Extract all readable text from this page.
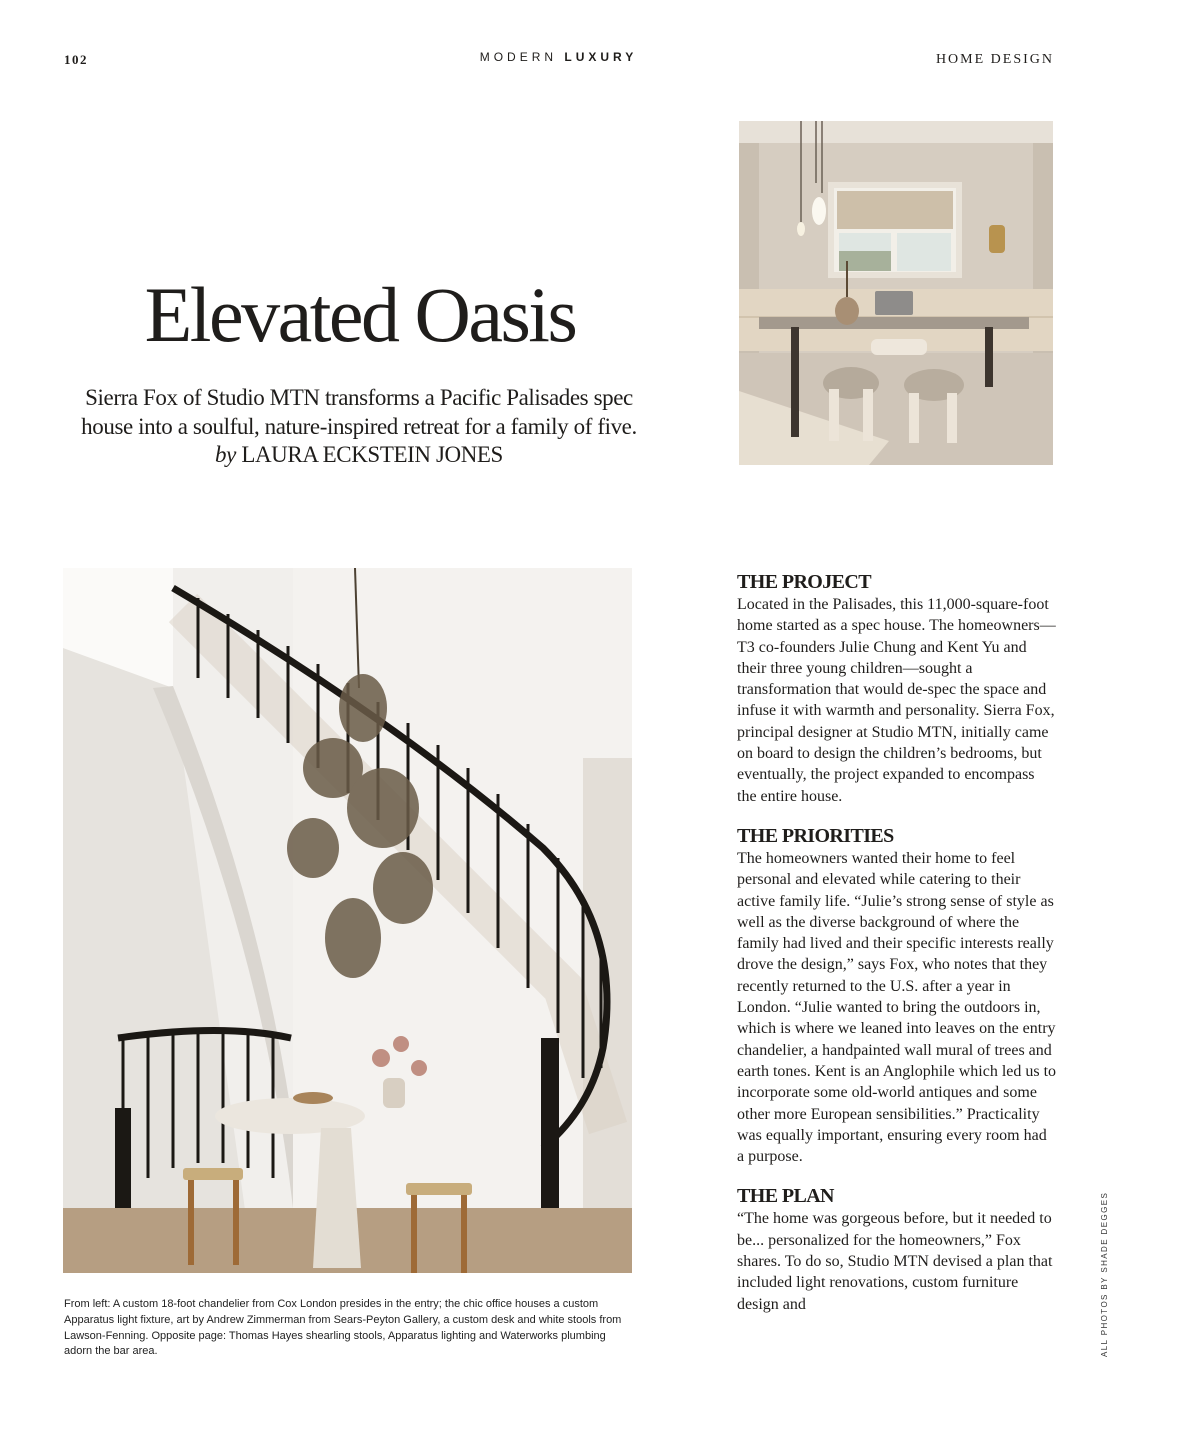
102	MODERN LUXURY	HOME DESIGN
Elevated Oasis
Sierra Fox of Studio MTN transforms a Pacific Palisades spec house into a soulful, nature-inspired retreat for a family of five. by LAURA ECKSTEIN JONES
From left: A custom 18-foot chandelier from Cox London presides in the entry; the chic office houses a custom Apparatus light fixture, art by Andrew Zimmerman from Sears-Peyton Gallery, a custom desk and white stools from Lawson-Fenning. Opposite page: Thomas Hayes shearling stools, Apparatus lighting and Waterworks plumbing adorn the bar area.
THE PROJECT

Located in the Palisades, this 11,000-square-foot home started as a spec house. The homeowners—T3 co-founders Julie Chung and Kent Yu and their three young children—sought a transformation that would de-spec the space and infuse it with warmth and personality. Sierra Fox, principal designer at Studio MTN, initially came on board to design the children’s bedrooms, but eventually, the project expanded to encompass the entire house.

THE PRIORITIES

The homeowners wanted their home to feel personal and elevated while catering to their active family life. “Julie’s strong sense of style as well as the diverse background of where the family had lived and their specific interests really drove the design,” says Fox, who notes that they recently returned to the U.S. after a year in London. “Julie wanted to bring the outdoors in, which is where we leaned into leaves on the entry chandelier, a handpainted wall mural of trees and earth tones. Kent is an Anglophile which led us to incorporate some old-world antiques and some other more European sensibilities.” Practicality was equally important, ensuring every room had a purpose.

THE PLAN

“The home was gorgeous before, but it needed to be... personalized for the homeowners,” Fox shares. To do so, Studio MTN devised a plan that included light renovations, custom furniture design and	ALL PHOTOS BY SHADE DEGGES
